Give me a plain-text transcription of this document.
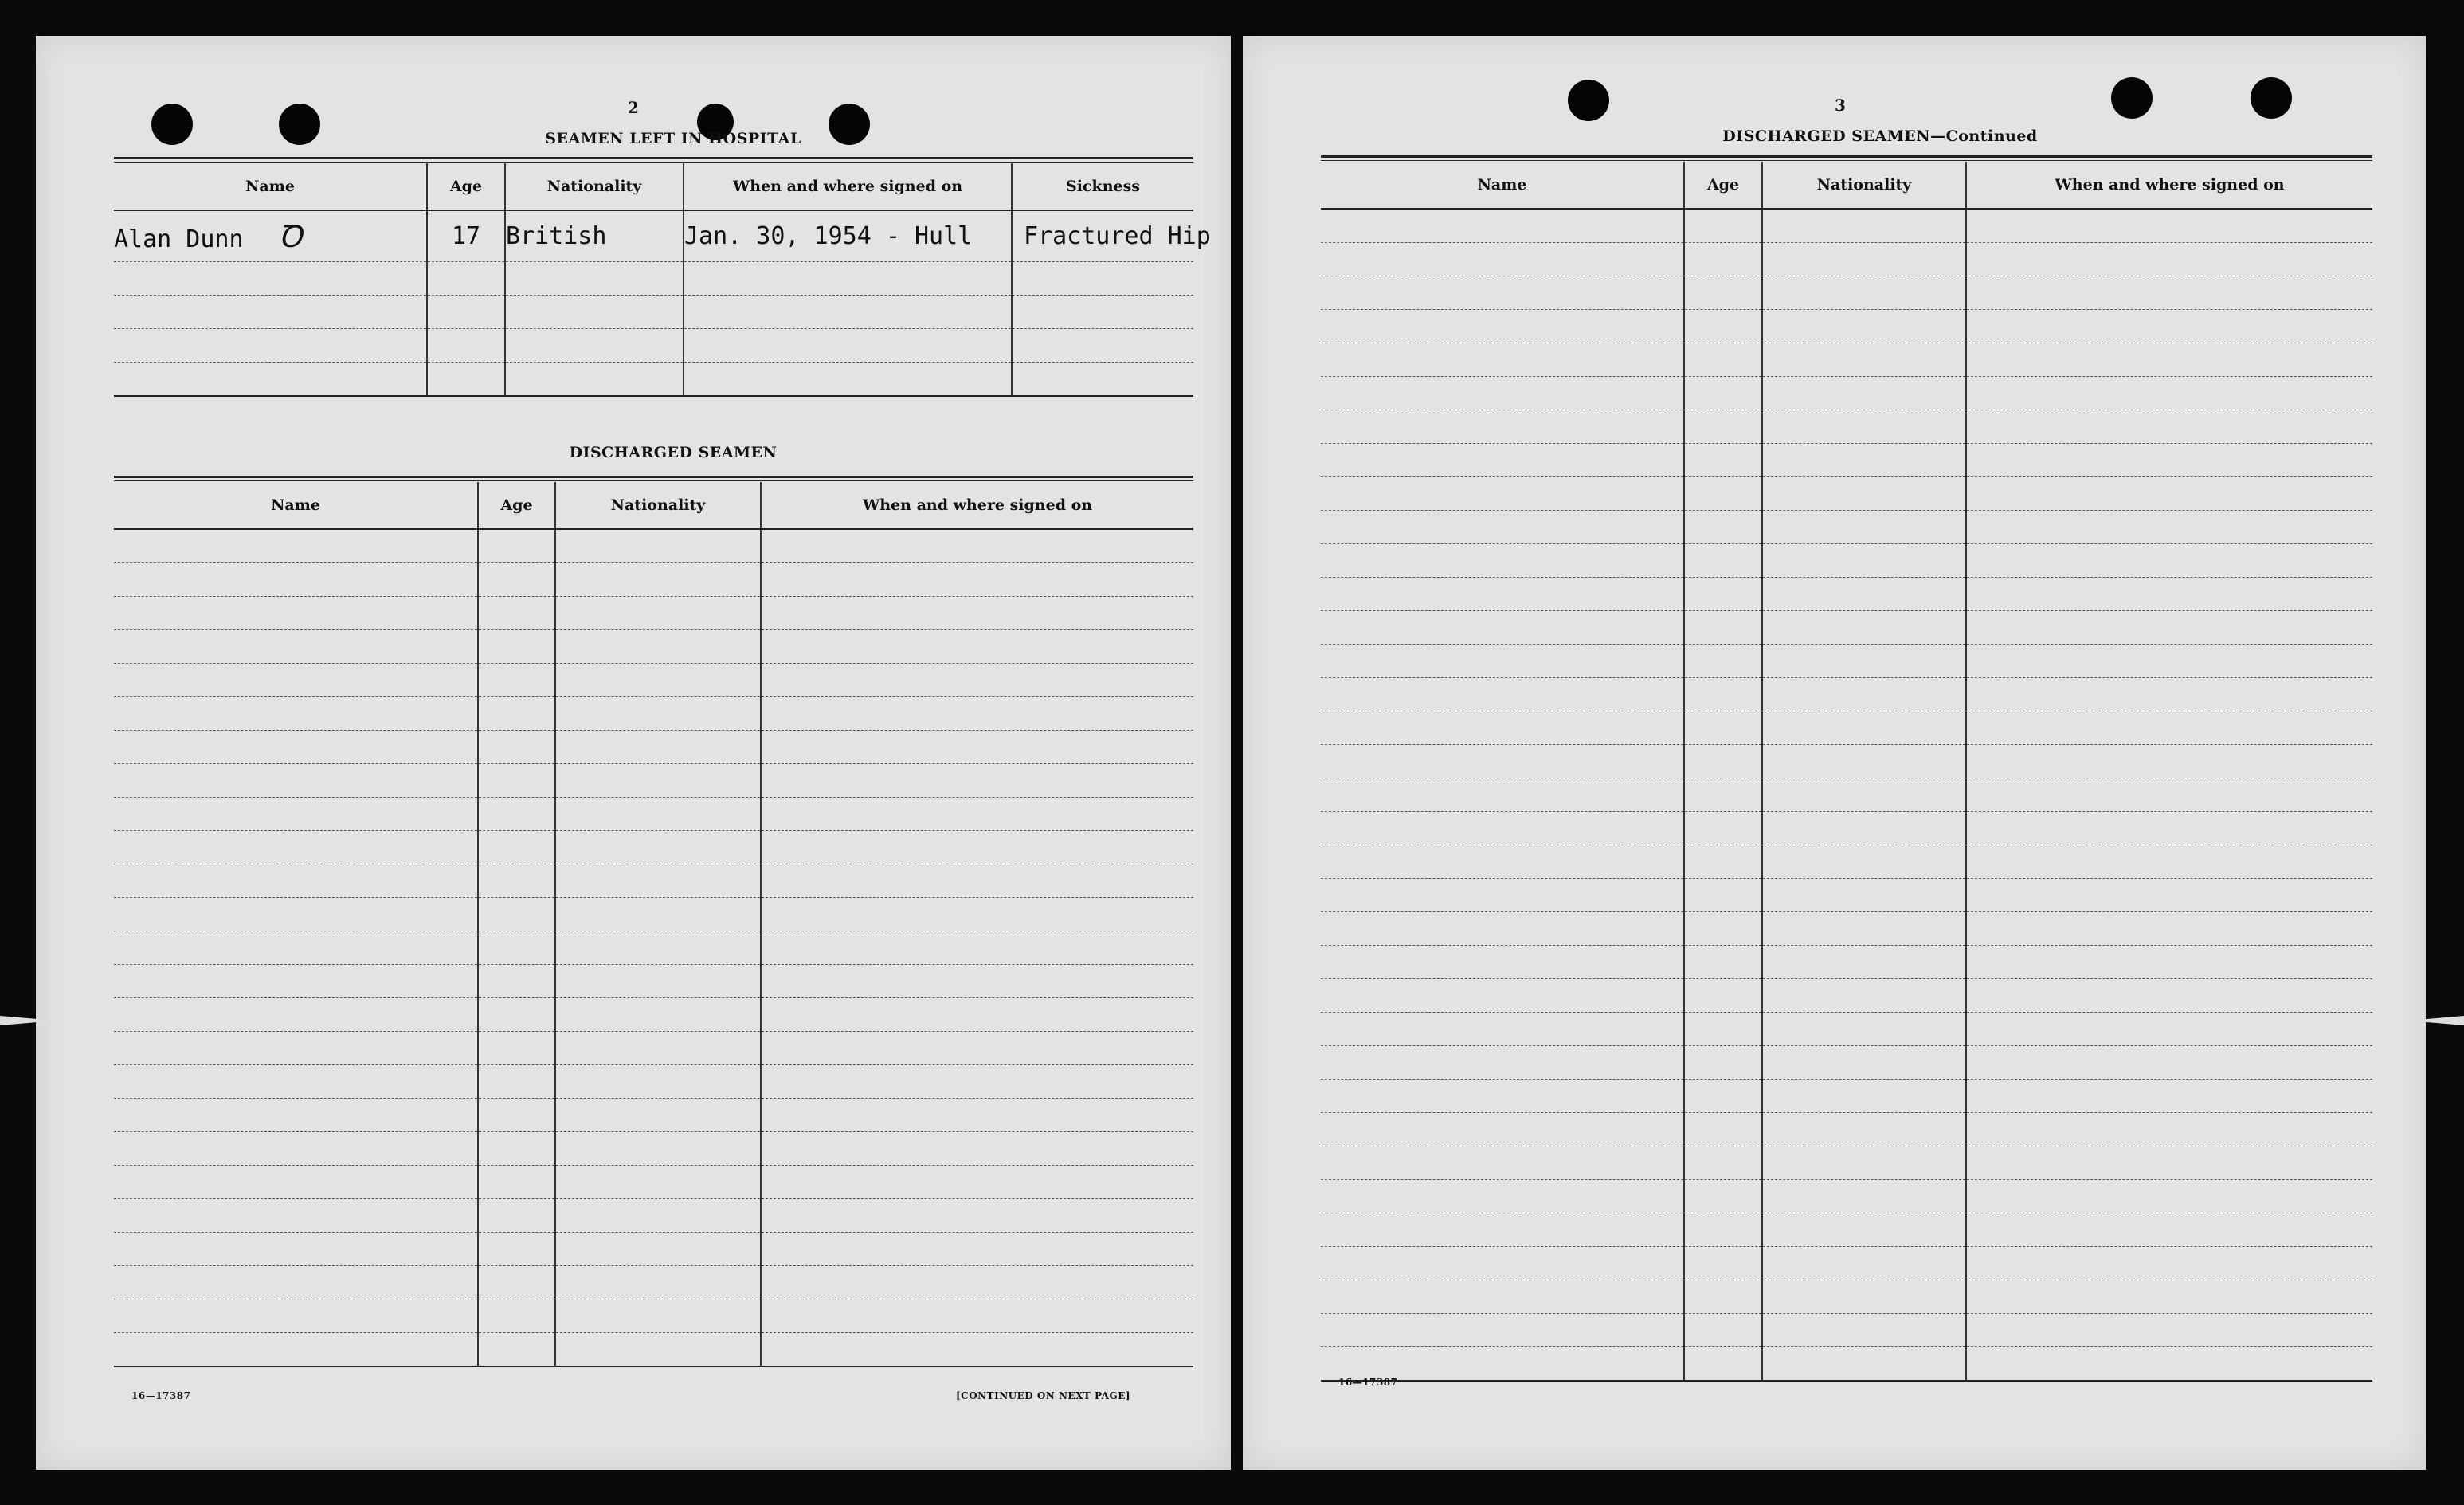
2
SEAMEN LEFT IN HOSPITAL
Name	Age	Nationality	When and where signed on	Sickness
Alan Dunn Ꝺ	17	British	Jan. 30, 1954 - Hull	Fractured Hip

DISCHARGED SEAMEN
Name	Age	Nationality	When and where signed on

16—17387	[CONTINUED ON NEXT PAGE]
3
DISCHARGED SEAMEN—Continued
Name	Age	Nationality	When and where signed on

16—17387
